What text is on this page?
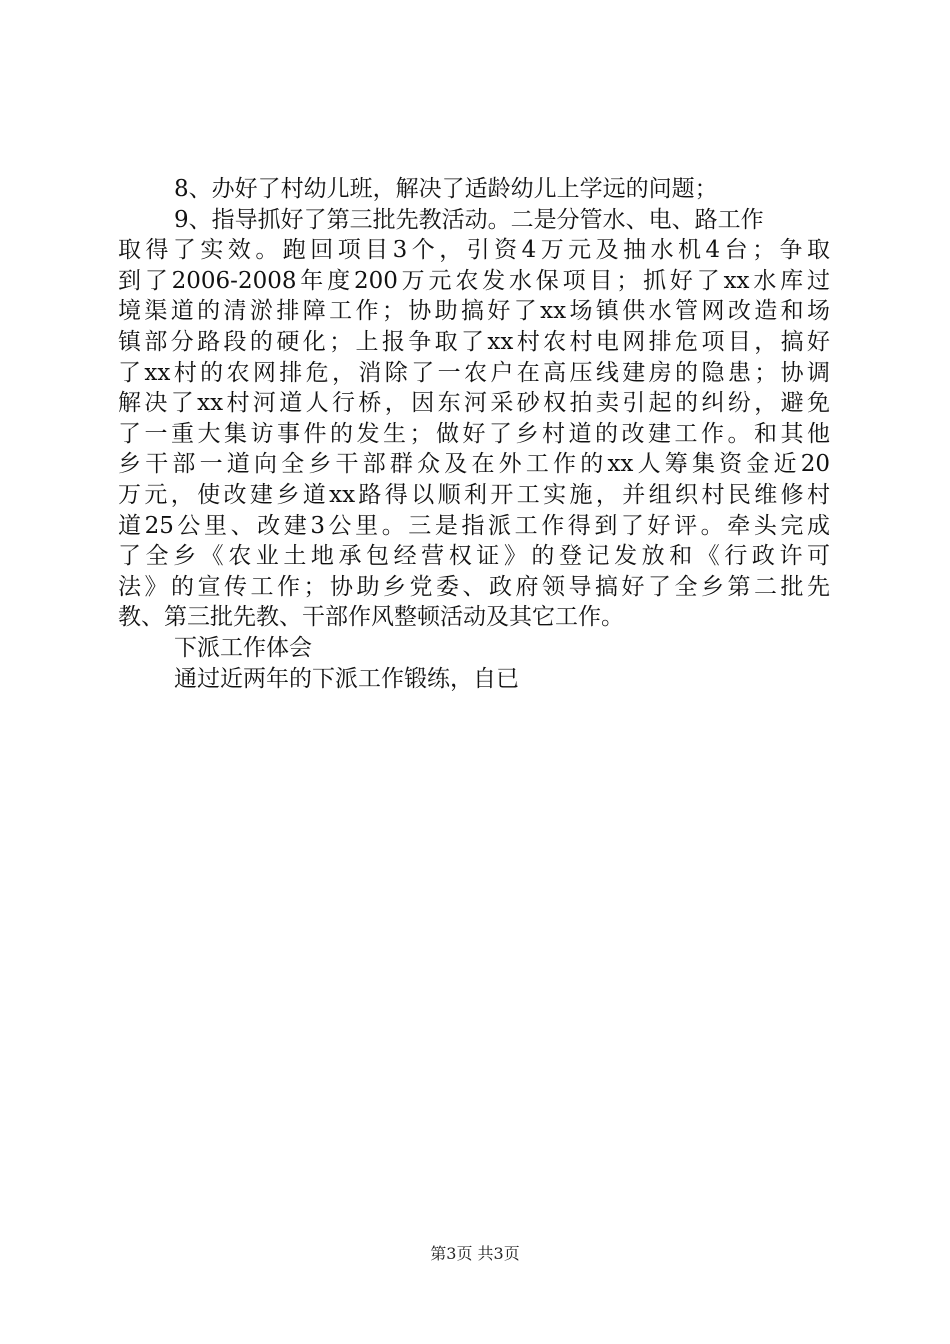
8、办好了村幼儿班，解决了适龄幼儿上学远的问题；
9、指导抓好了第三批先教活动。二是分管水、电、路工作
取得了实效。跑回项目3个，引资4万元及抽水机4台；争取
到了2006-2008年度200万元农发水保项目；抓好了xx水库过
境渠道的清淤排障工作；协助搞好了xx场镇供水管网改造和场
镇部分路段的硬化；上报争取了xx村农村电网排危项目，搞好
了xx村的农网排危，消除了一农户在高压线建房的隐患；协调
解决了xx村河道人行桥，因东河采砂权拍卖引起的纠纷，避免
了一重大集访事件的发生；做好了乡村道的改建工作。和其他
乡干部一道向全乡干部群众及在外工作的xx人筹集资金近20
万元，使改建乡道xx路得以顺利开工实施，并组织村民维修村
道25公里、改建3公里。三是指派工作得到了好评。牵头完成
了全乡《农业土地承包经营权证》的登记发放和《行政许可
法》的宣传工作；协助乡党委、政府领导搞好了全乡第二批先
教、第三批先教、干部作风整顿活动及其它工作。
下派工作体会
通过近两年的下派工作锻练，自已
第3页 共3页
